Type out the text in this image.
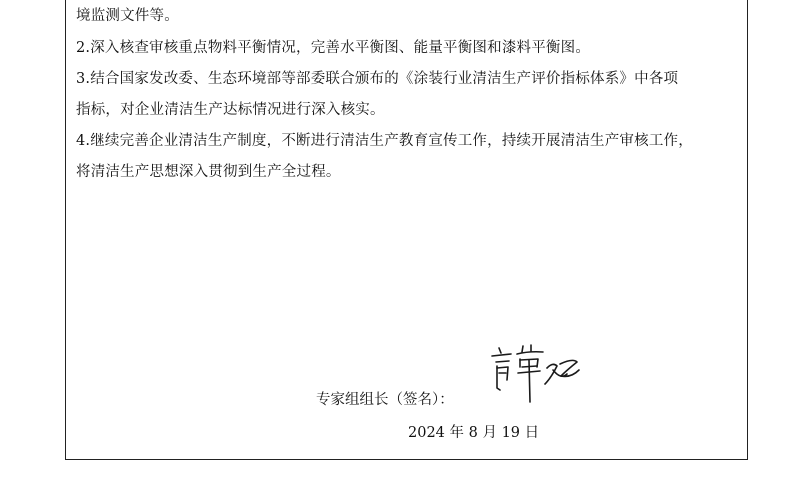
境监测文件等。
2.深入核查审核重点物料平衡情况，完善水平衡图、能量平衡图和漆料平衡图。
3.结合国家发改委、生态环境部等部委联合颁布的《涂装行业清洁生产评价指标体系》中各项
指标，对企业清洁生产达标情况进行深入核实。
4.继续完善企业清洁生产制度，不断进行清洁生产教育宣传工作，持续开展清洁生产审核工作，
将清洁生产思想深入贯彻到生产全过程。
专家组组长（签名）：
2024 年 8 月 19 日
